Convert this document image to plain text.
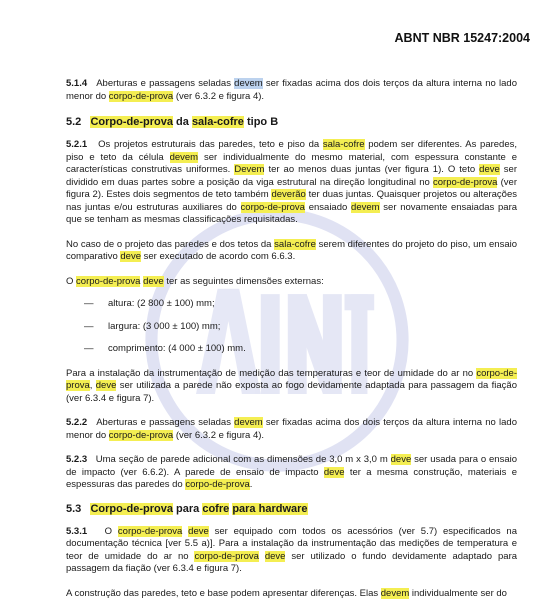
ABNT NBR 15247:2004

5.1.4 Aberturas e passagens seladas devem ser fixadas acima dos dois terços da altura interna no lado menor do corpo-de-prova (ver 6.3.2 e figura 4).

5.2 Corpo-de-prova da sala-cofre tipo B

5.2.1 Os projetos estruturais das paredes, teto e piso da sala-cofre podem ser diferentes. As paredes, piso e teto da célula devem ser individualmente do mesmo material, com espessura constante e características construtivas uniformes. Devem ter ao menos duas juntas (ver figura 1). O teto deve ser dividido em duas partes sobre a posição da viga estrutural na direção longitudinal no corpo-de-prova (ver figura 2). Estes dois segmentos de teto também deverão ter duas juntas. Quaisquer projetos ou alterações nas juntas e/ou estruturas auxiliares do corpo-de-prova ensaiado devem ser novamente ensaiadas para que se tenham as mesmas classificações requisitadas.

No caso de o projeto das paredes e dos tetos da sala-cofre serem diferentes do projeto do piso, um ensaio comparativo deve ser executado de acordo com 6.6.3.

O corpo-de-prova deve ter as seguintes dimensões externas:

— altura: (2 800 ± 100) mm;

— largura: (3 000 ± 100) mm;

— comprimento: (4 000 ± 100) mm.

Para a instalação da instrumentação de medição das temperaturas e teor de umidade do ar no corpo-de-prova, deve ser utilizada a parede não exposta ao fogo devidamente adaptada para passagem da fiação (ver 6.3.4 e figura 7).

5.2.2 Aberturas e passagens seladas devem ser fixadas acima dos dois terços da altura interna no lado menor do corpo-de-prova (ver 6.3.2 e figura 4).

5.2.3 Uma seção de parede adicional com as dimensões de 3,0 m x 3,0 m deve ser usada para o ensaio de impacto (ver 6.6.2). A parede de ensaio de impacto deve ter a mesma construção, materiais e espessuras das paredes do corpo-de-prova.

5.3 Corpo-de-prova para cofre para hardware

5.3.1 O corpo-de-prova deve ser equipado com todos os acessórios (ver 5.7) especificados na documentação técnica [ver 5.5 a)]. Para a instalação da instrumentação das medições de temperatura e teor de umidade do ar no corpo-de-prova deve ser utilizado o fundo devidamente adaptado para passagem da fiação (ver 6.3.4 e figura 7).

A construção das paredes, teto e base podem apresentar diferenças. Elas devem individualmente ser do
